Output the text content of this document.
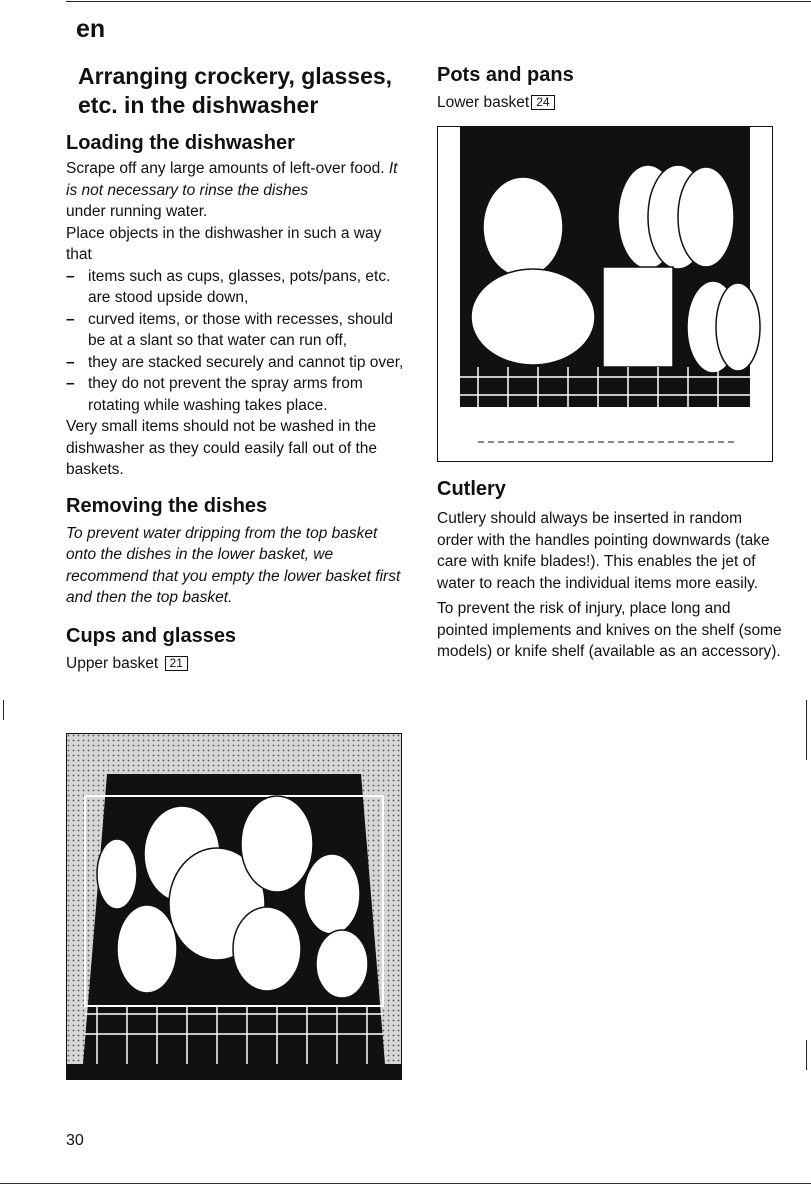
en
Arranging crockery, glasses, etc. in the dishwasher
Loading the dishwasher

Scrape off any large amounts of left-over food. It is not necessary to rinse the dishes
under running water.

Place objects in the dishwasher in such a way that

– items such as cups, glasses, pots/pans, etc. are stood upside down,
– curved items, or those with recesses, should be at a slant so that water can run off,
– they are stacked securely and cannot tip over,
– they do not prevent the spray arms from rotating while washing takes place.

Very small items should not be washed in the dishwasher as they could easily fall out of the baskets.

Removing the dishes

To prevent water dripping from the top basket onto the dishes in the lower basket, we recommend that you empty the lower basket first and then the top basket.

Cups and glasses

Upper basket 21

Pots and pans

Lower basket 24

Cutlery

Cutlery should always be inserted in random order with the handles pointing downwards (take care with knife blades!). This enables the jet of water to reach the individual items more easily.

To prevent the risk of injury, place long and pointed implements and knives on the shelf (some models) or knife shelf (available as an accessory).

30
